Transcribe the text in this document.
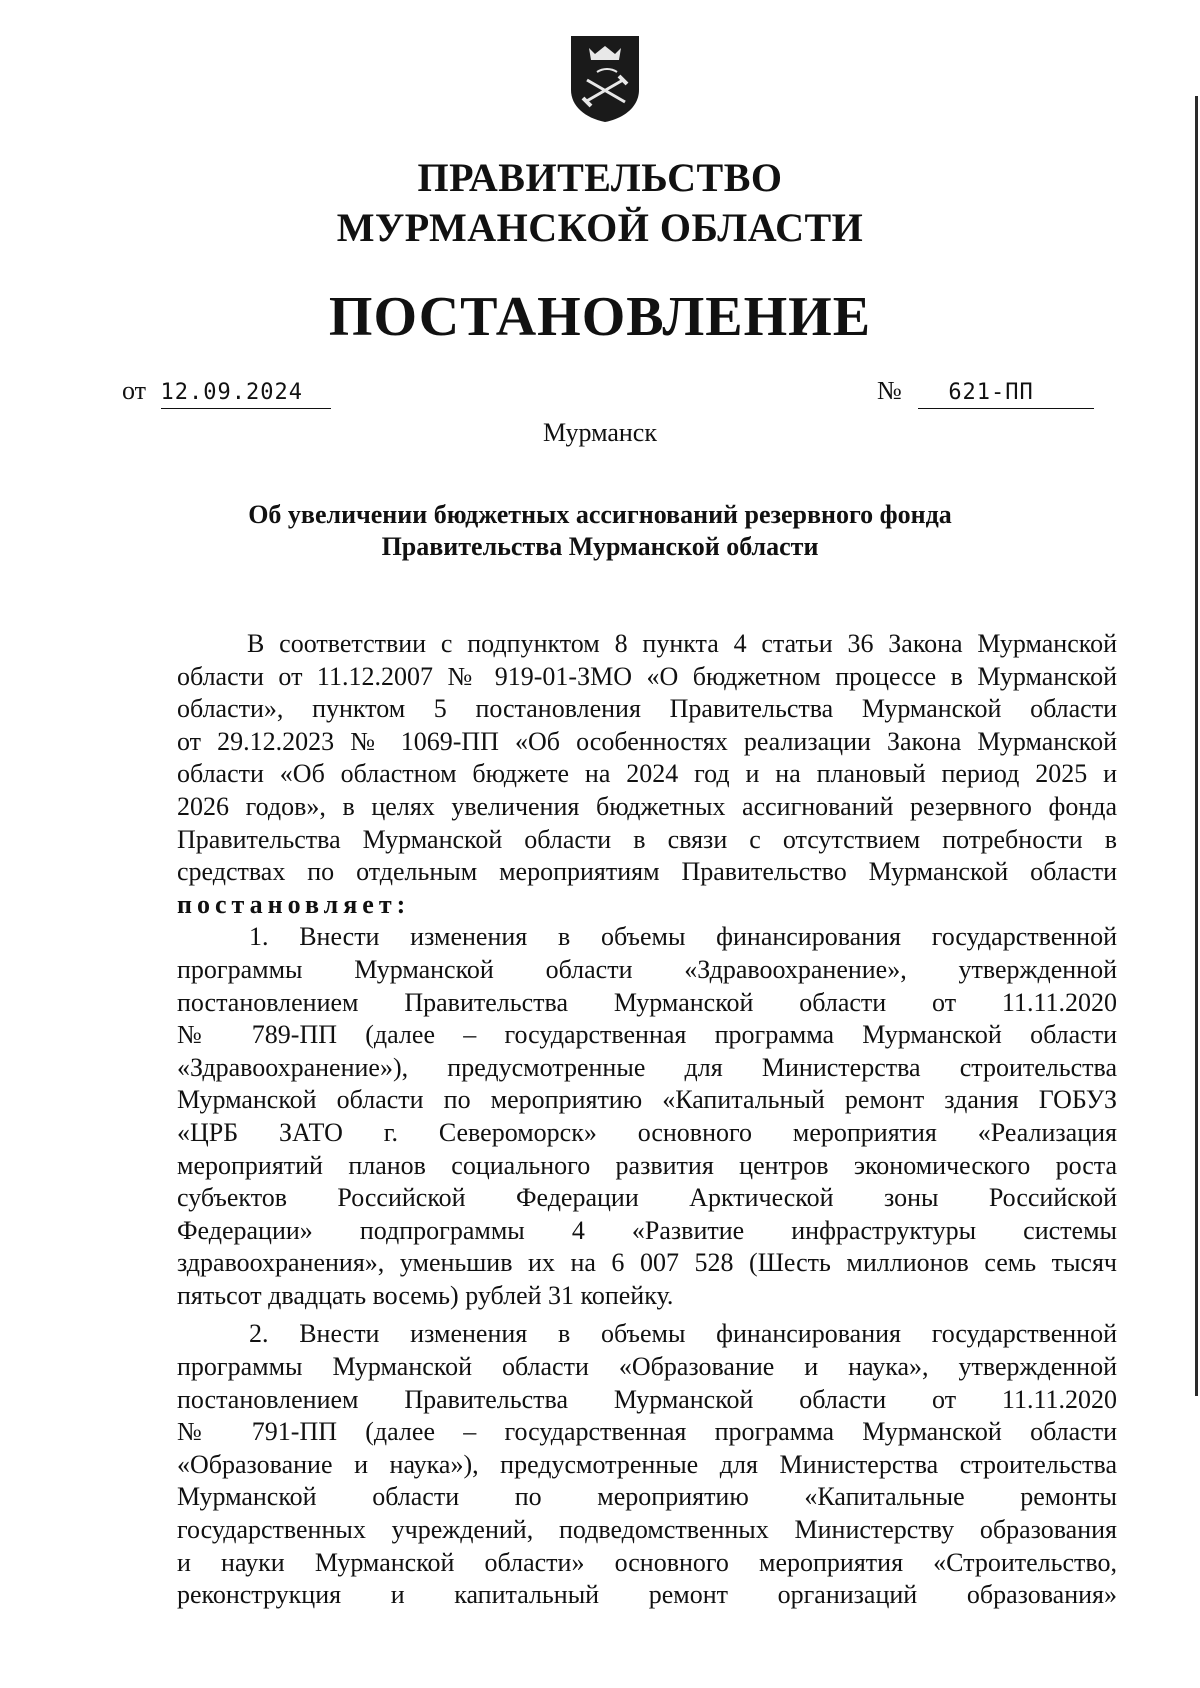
ПРАВИТЕЛЬСТВО
МУРМАНСКОЙ ОБЛАСТИ
ПОСТАНОВЛЕНИЕ
от 12.09.2024	№ 621-ПП
Мурманск
Об увеличении бюджетных ассигнований резервного фонда
Правительства Мурманской области

В соответствии с подпунктом 8 пункта 4 статьи 36 Закона Мурманской

области от 11.12.2007 № 919-01-ЗМО «О бюджетном процессе в Мурманской

области», пунктом 5 постановления Правительства Мурманской области

от 29.12.2023 № 1069-ПП «Об особенностях реализации Закона Мурманской

области «Об областном бюджете на 2024 год и на плановый период 2025 и

2026 годов», в целях увеличения бюджетных ассигнований резервного фонда

Правительства Мурманской области в связи с отсутствием потребности в

средствах по отдельным мероприятиям Правительство Мурманской области

постановляет:

1. Внести изменения в объемы финансирования государственной

программы Мурманской области «Здравоохранение», утвержденной

постановлением Правительства Мурманской области от 11.11.2020

№ 789-ПП (далее – государственная программа Мурманской области

«Здравоохранение»), предусмотренные для Министерства строительства

Мурманской области по мероприятию «Капитальный ремонт здания ГОБУЗ

«ЦРБ ЗАТО г. Североморск» основного мероприятия «Реализация

мероприятий планов социального развития центров экономического роста

субъектов Российской Федерации Арктической зоны Российской

Федерации» подпрограммы 4 «Развитие инфраструктуры системы

здравоохранения», уменьшив их на 6 007 528 (Шесть миллионов семь тысяч

пятьсот двадцать восемь) рублей 31 копейку.

2. Внести изменения в объемы финансирования государственной

программы Мурманской области «Образование и наука», утвержденной

постановлением Правительства Мурманской области от 11.11.2020

№ 791-ПП (далее – государственная программа Мурманской области

«Образование и наука»), предусмотренные для Министерства строительства

Мурманской области по мероприятию «Капитальные ремонты

государственных учреждений, подведомственных Министерству образования

и науки Мурманской области» основного мероприятия «Строительство,

реконструкция и капитальный ремонт организаций образования»
